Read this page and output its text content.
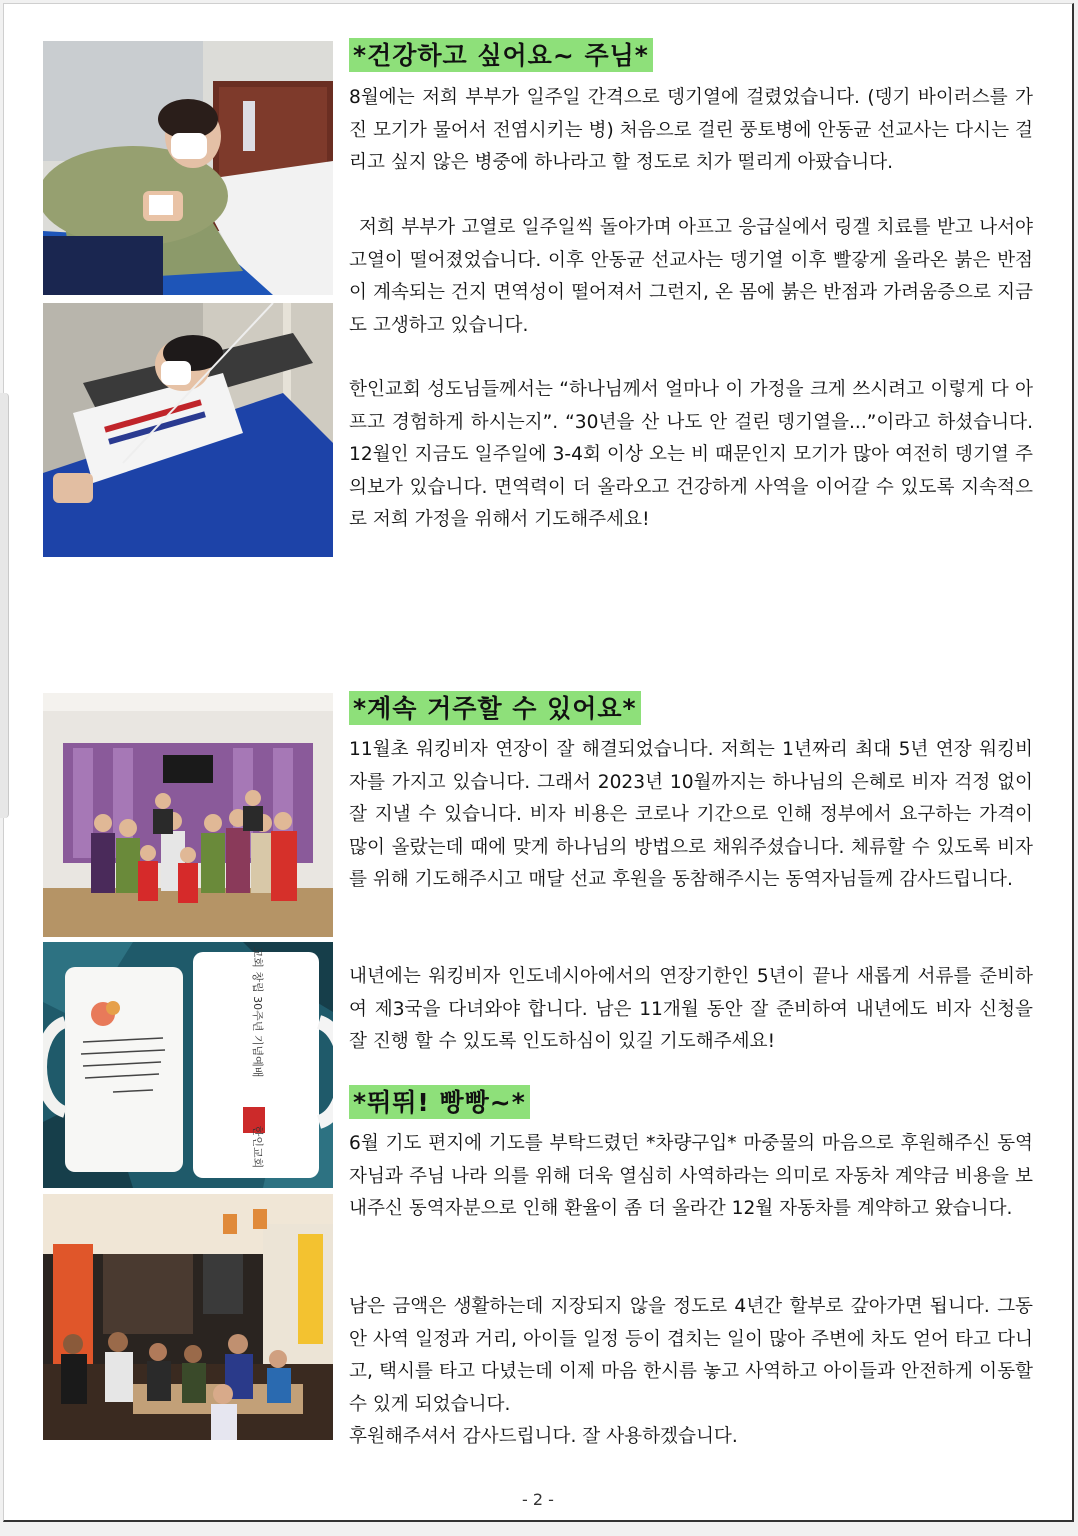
교회 창립 30주년 기념예배
한인교회
*건강하고 싶어요~ 주님*

8월에는 저희 부부가 일주일 간격으로 뎅기열에 걸렸었습니다. (뎅기 바이러스를 가진 모기가 물어서 전염시키는 병) 처음으로 걸린 풍토병에 안동균 선교사는 다시는 걸리고 싶지 않은 병중에 하나라고 할 정도로 치가 떨리게 아팠습니다.

저희 부부가 고열로 일주일씩 돌아가며 아프고 응급실에서 링겔 치료를 받고 나서야 고열이 떨어졌었습니다. 이후 안동균 선교사는 뎅기열 이후 빨갛게 올라온 붉은 반점이 계속되는 건지 면역성이 떨어져서 그런지, 온 몸에 붉은 반점과 가려움증으로 지금도 고생하고 있습니다.

한인교회 성도님들께서는 “하나님께서 얼마나 이 가정을 크게 쓰시려고 이렇게 다 아프고 경험하게 하시는지”. “30년을 산 나도 안 걸린 뎅기열을...”이라고 하셨습니다. 12월인 지금도 일주일에 3-4회 이상 오는 비 때문인지 모기가 많아 여전히 뎅기열 주의보가 있습니다. 면역력이 더 올라오고 건강하게 사역을 이어갈 수 있도록 지속적으로 저희 가정을 위해서 기도해주세요!

*계속 거주할 수 있어요*

11월초 워킹비자 연장이 잘 해결되었습니다. 저희는 1년짜리 최대 5년 연장 워킹비자를 가지고 있습니다. 그래서 2023년 10월까지는 하나님의 은혜로 비자 걱정 없이 잘 지낼 수 있습니다. 비자 비용은 코로나 기간으로 인해 정부에서 요구하는 가격이 많이 올랐는데 때에 맞게 하나님의 방법으로 채워주셨습니다. 체류할 수 있도록 비자를 위해 기도해주시고 매달 선교 후원을 동참해주시는 동역자님들께 감사드립니다.

내년에는 워킹비자 인도네시아에서의 연장기한인 5년이 끝나 새롭게 서류를 준비하여 제3국을 다녀와야 합니다. 남은 11개월 동안 잘 준비하여 내년에도 비자 신청을 잘 진행 할 수 있도록 인도하심이 있길 기도해주세요!

*뛰뛰! 빵빵~*

6월 기도 편지에 기도를 부탁드렸던 *차량구입* 마중물의 마음으로 후원해주신 동역자님과 주님 나라 의를 위해 더욱 열심히 사역하라는 의미로 자동차 계약금 비용을 보내주신 동역자분으로 인해 환율이 좀 더 올라간 12월 자동차를 계약하고 왔습니다.

남은 금액은 생활하는데 지장되지 않을 정도로 4년간 할부로 갚아가면 됩니다. 그동안 사역 일정과 거리, 아이들 일정 등이 겹치는 일이 많아 주변에 차도 얻어 타고 다니고, 택시를 타고 다녔는데 이제 마음 한시름 놓고 사역하고 아이들과 안전하게 이동할 수 있게 되었습니다.

후원해주셔서 감사드립니다. 잘 사용하겠습니다.

- 2 -
